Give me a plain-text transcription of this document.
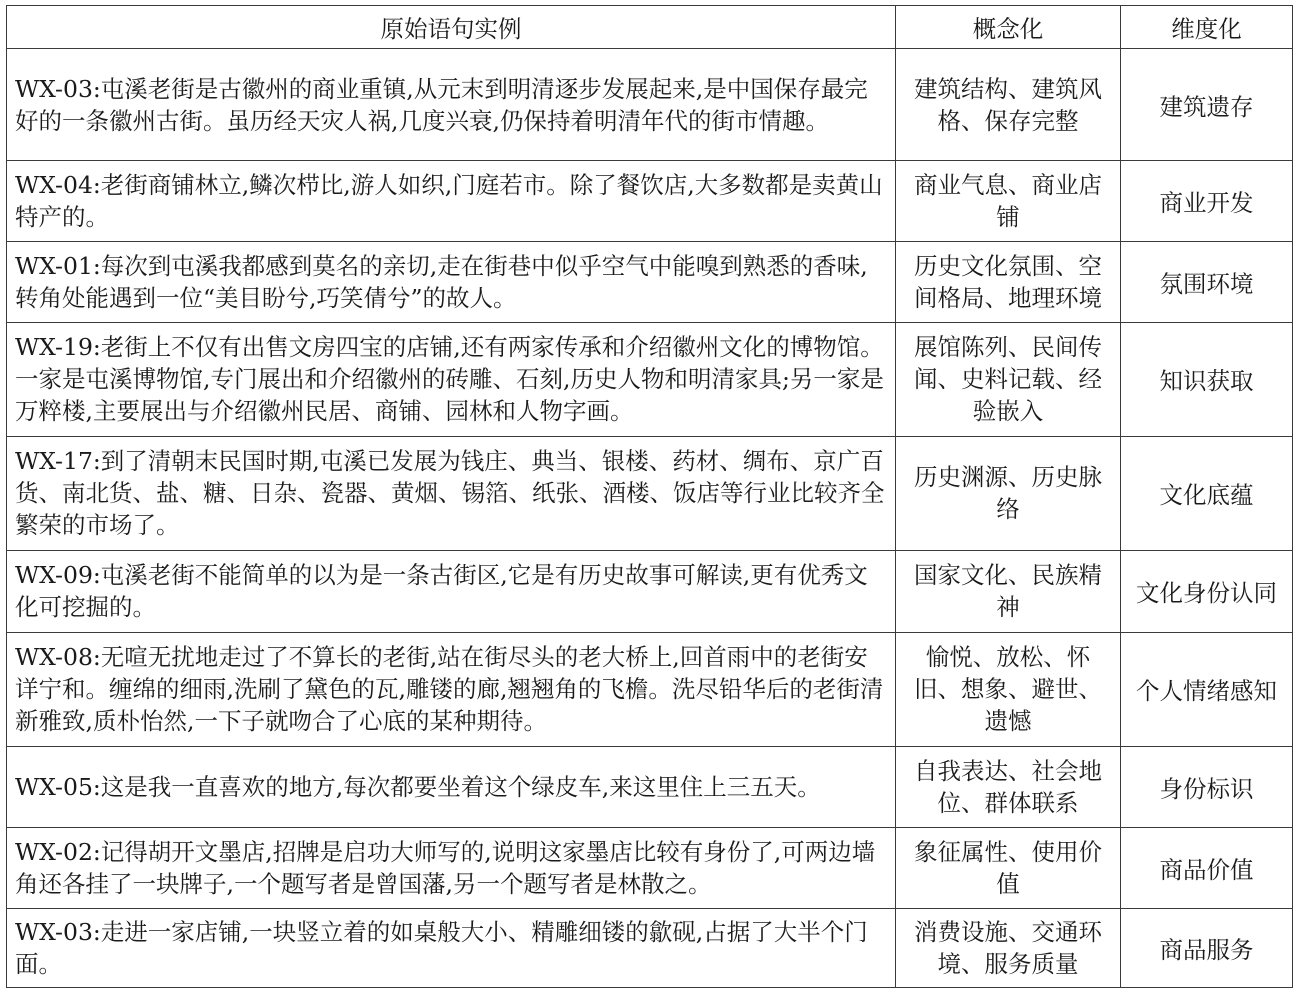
原始语句实例	概念化	维度化
WX-03:屯溪老街是古徽州的商业重镇,从元末到明清逐步发展起来,是中国保存最完好的一条徽州古街。虽历经天灾人祸,几度兴衰,仍保持着明清年代的街市情趣。	建筑结构、建筑风格、保存完整	建筑遗存
WX-04:老街商铺林立,鳞次栉比,游人如织,门庭若市。除了餐饮店,大多数都是卖黄山特产的。	商业气息、商业店铺	商业开发
WX-01:每次到屯溪我都感到莫名的亲切,走在街巷中似乎空气中能嗅到熟悉的香味,转角处能遇到一位“美目盼兮,巧笑倩兮”的故人。	历史文化氛围、空间格局、地理环境	氛围环境
WX-19:老街上不仅有出售文房四宝的店铺,还有两家传承和介绍徽州文化的博物馆。一家是屯溪博物馆,专门展出和介绍徽州的砖雕、石刻,历史人物和明清家具;另一家是万粹楼,主要展出与介绍徽州民居、商铺、园林和人物字画。	展馆陈列、民间传闻、史料记载、经验嵌入	知识获取
WX-17:到了清朝末民国时期,屯溪已发展为钱庄、典当、银楼、药材、绸布、京广百货、南北货、盐、糖、日杂、瓷器、黄烟、锡箔、纸张、酒楼、饭店等行业比较齐全繁荣的市场了。	历史渊源、历史脉络	文化底蕴
WX-09:屯溪老街不能简单的以为是一条古街区,它是有历史故事可解读,更有优秀文化可挖掘的。	国家文化、民族精神	文化身份认同
WX-08:无喧无扰地走过了不算长的老街,站在街尽头的老大桥上,回首雨中的老街安详宁和。缠绵的细雨,洗刷了黛色的瓦,雕镂的廊,翘翘角的飞檐。洗尽铅华后的老街清新雅致,质朴怡然,一下子就吻合了心底的某种期待。	愉悦、放松、怀旧、想象、避世、遗憾	个人情绪感知
WX-05:这是我一直喜欢的地方,每次都要坐着这个绿皮车,来这里住上三五天。	自我表达、社会地位、群体联系	身份标识
WX-02:记得胡开文墨店,招牌是启功大师写的,说明这家墨店比较有身份了,可两边墙角还各挂了一块牌子,一个题写者是曾国藩,另一个题写者是林散之。	象征属性、使用价值	商品价值
WX-03:走进一家店铺,一块竖立着的如桌般大小、精雕细镂的歙砚,占据了大半个门面。	消费设施、交通环境、服务质量	商品服务
